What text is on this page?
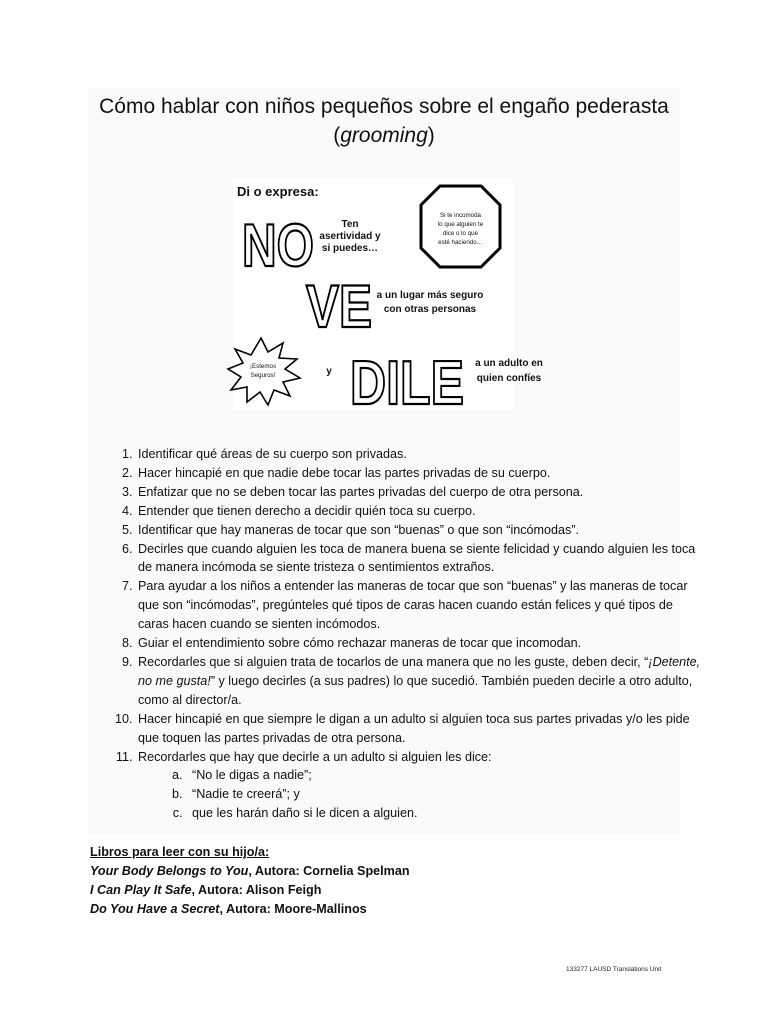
Cómo hablar con niños pequeños sobre el engaño pederasta
(grooming)
Di o expresa:
NO	Ten
asertividad y
si puedes…
Si te incomoda
lo que alguien te
dice o lo que
esté haciendo…
VE a un lugar más seguro
con otras personas
¡Estemos
Seguros!	y DILE a un adulto en
quien confíes
1. Identificar qué áreas de su cuerpo son privadas.
2. Hacer hincapié en que nadie debe tocar las partes privadas de su cuerpo.
3. Enfatizar que no se deben tocar las partes privadas del cuerpo de otra persona.
4. Entender que tienen derecho a decidir quién toca su cuerpo.
5. Identificar que hay maneras de tocar que son “buenas” o que son “incómodas”.
6. Decirles que cuando alguien les toca de manera buena se siente felicidad y cuando alguien les toca de manera incómoda se siente tristeza o sentimientos extraños.
7. Para ayudar a los niños a entender las maneras de tocar que son “buenas” y las maneras de tocar que son “incómodas”, pregúnteles qué tipos de caras hacen cuando están felices y qué tipos de caras hacen cuando se sienten incómodos.
8. Guiar el entendimiento sobre cómo rechazar maneras de tocar que incomodan.
9. Recordarles que si alguien trata de tocarlos de una manera que no les guste, deben decir, “¡Detente, no me gusta!” y luego decirles (a sus padres) lo que sucedió. También pueden decirle a otro adulto, como al director/a.
10. Hacer hincapié en que siempre le digan a un adulto si alguien toca sus partes privadas y/o les pide que toquen las partes privadas de otra persona.
11. Recordarles que hay que decirle a un adulto si alguien les dice:
a. “No le digas a nadie”;
b. “Nadie te creerá”; y
c. que les harán daño si le dicen a alguien.
Libros para leer con su hijo/a:
Your Body Belongs to You, Autora: Cornelia Spelman
I Can Play It Safe, Autora: Alison Feigh
Do You Have a Secret, Autora: Moore-Mallinos
133277 LAUSD Translations Unit
